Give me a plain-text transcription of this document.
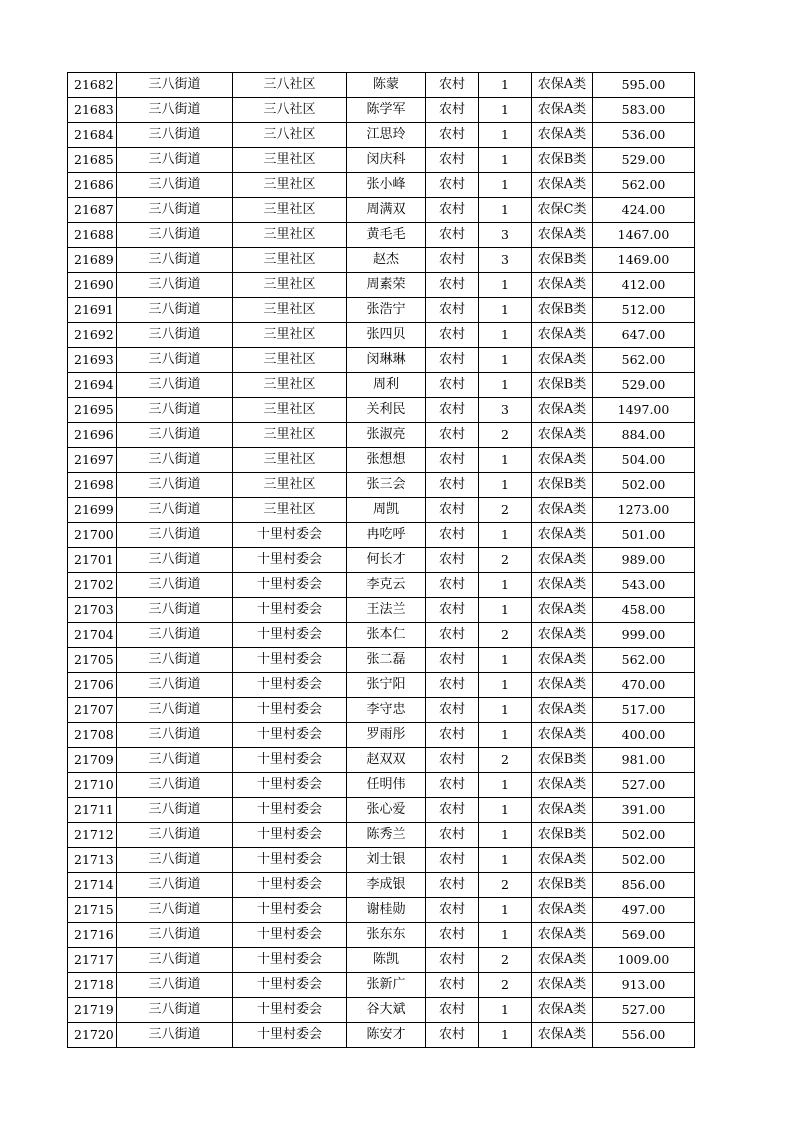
21682	三八街道	三八社区	陈蒙	农村	1	农保A类	595.00
21683	三八街道	三八社区	陈学军	农村	1	农保A类	583.00
21684	三八街道	三八社区	江思玲	农村	1	农保A类	536.00
21685	三八街道	三里社区	闵庆科	农村	1	农保B类	529.00
21686	三八街道	三里社区	张小峰	农村	1	农保A类	562.00
21687	三八街道	三里社区	周满双	农村	1	农保C类	424.00
21688	三八街道	三里社区	黄毛毛	农村	3	农保A类	1467.00
21689	三八街道	三里社区	赵杰	农村	3	农保B类	1469.00
21690	三八街道	三里社区	周素荣	农村	1	农保A类	412.00
21691	三八街道	三里社区	张浩宁	农村	1	农保B类	512.00
21692	三八街道	三里社区	张四贝	农村	1	农保A类	647.00
21693	三八街道	三里社区	闵琳琳	农村	1	农保A类	562.00
21694	三八街道	三里社区	周利	农村	1	农保B类	529.00
21695	三八街道	三里社区	关利民	农村	3	农保A类	1497.00
21696	三八街道	三里社区	张淑亮	农村	2	农保A类	884.00
21697	三八街道	三里社区	张想想	农村	1	农保A类	504.00
21698	三八街道	三里社区	张三会	农村	1	农保B类	502.00
21699	三八街道	三里社区	周凯	农村	2	农保A类	1273.00
21700	三八街道	十里村委会	冉吃呼	农村	1	农保A类	501.00
21701	三八街道	十里村委会	何长才	农村	2	农保A类	989.00
21702	三八街道	十里村委会	李克云	农村	1	农保A类	543.00
21703	三八街道	十里村委会	王法兰	农村	1	农保A类	458.00
21704	三八街道	十里村委会	张本仁	农村	2	农保A类	999.00
21705	三八街道	十里村委会	张二磊	农村	1	农保A类	562.00
21706	三八街道	十里村委会	张宁阳	农村	1	农保A类	470.00
21707	三八街道	十里村委会	李守忠	农村	1	农保A类	517.00
21708	三八街道	十里村委会	罗雨彤	农村	1	农保A类	400.00
21709	三八街道	十里村委会	赵双双	农村	2	农保B类	981.00
21710	三八街道	十里村委会	任明伟	农村	1	农保A类	527.00
21711	三八街道	十里村委会	张心爱	农村	1	农保A类	391.00
21712	三八街道	十里村委会	陈秀兰	农村	1	农保B类	502.00
21713	三八街道	十里村委会	刘士银	农村	1	农保A类	502.00
21714	三八街道	十里村委会	李成银	农村	2	农保B类	856.00
21715	三八街道	十里村委会	谢桂勋	农村	1	农保A类	497.00
21716	三八街道	十里村委会	张东东	农村	1	农保A类	569.00
21717	三八街道	十里村委会	陈凯	农村	2	农保A类	1009.00
21718	三八街道	十里村委会	张新广	农村	2	农保A类	913.00
21719	三八街道	十里村委会	谷大斌	农村	1	农保A类	527.00
21720	三八街道	十里村委会	陈安才	农村	1	农保A类	556.00
